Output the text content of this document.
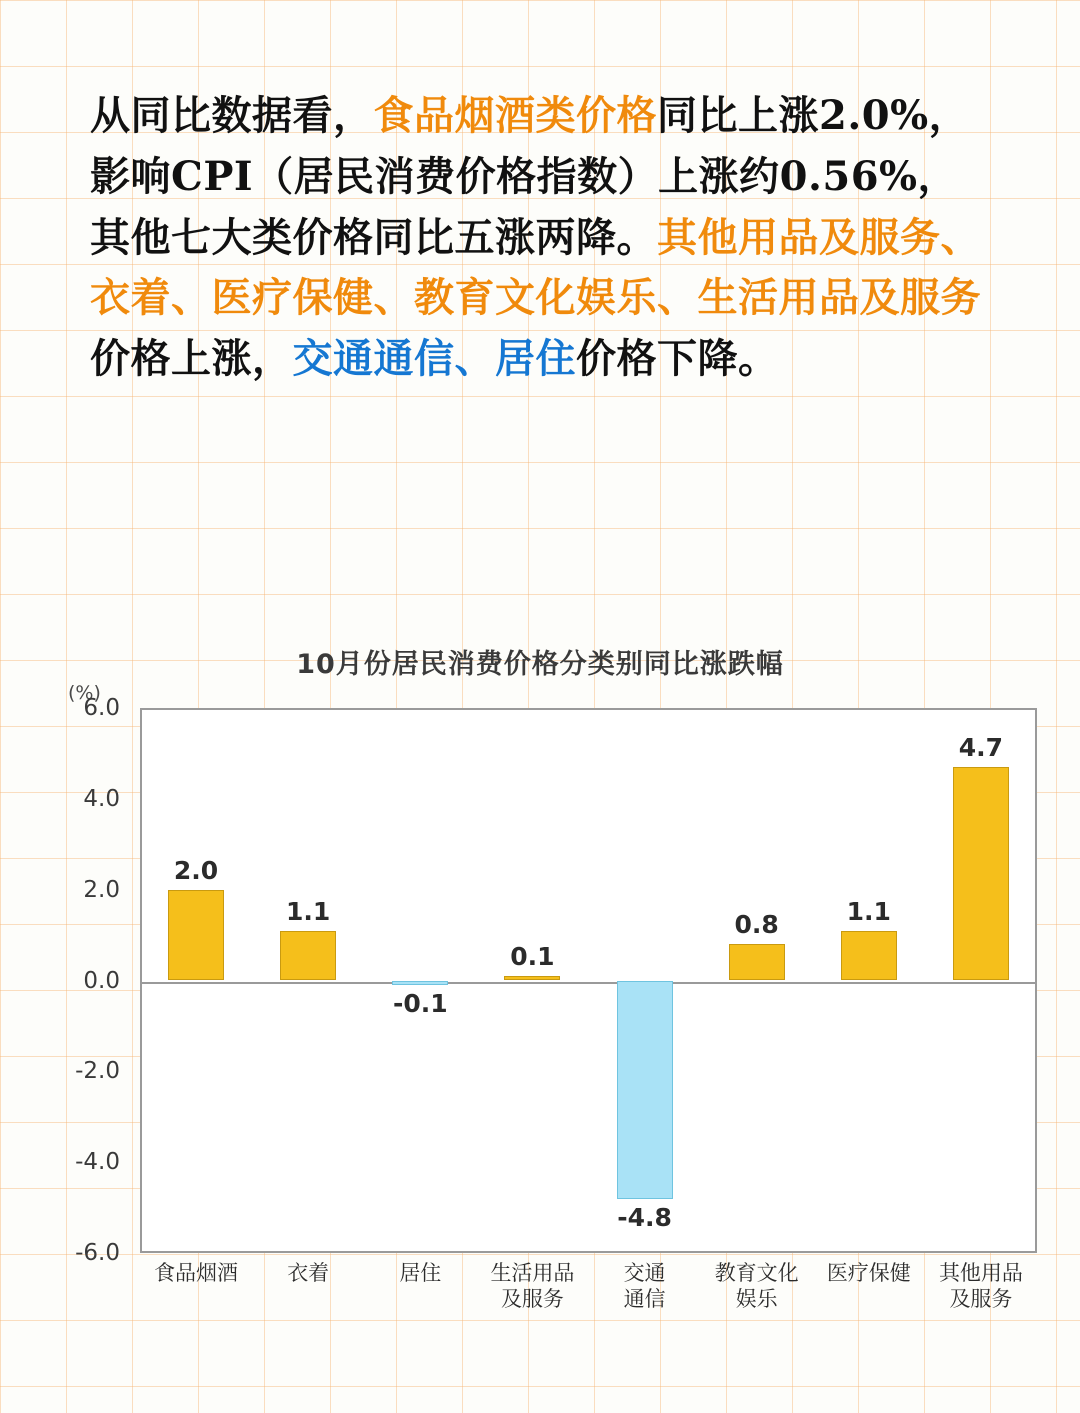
从同比数据看，食品烟酒类价格同比上涨2.0%，影响CPI（居民消费价格指数）上涨约0.56%，其他七大类价格同比五涨两降。其他用品及服务、衣着、医疗保健、教育文化娱乐、生活用品及服务价格上涨，交通通信、居住价格下降。
10月份居民消费价格分类别同比涨跌幅
(%)
6.0
4.0
2.0
0.0
-2.0
-4.0
-6.0
2.0
1.1
-0.1
0.1
-4.8
0.8	1.1
4.7
食品烟酒	衣着	居住	生活用品
及服务
交通
通信
教育文化
娱乐
医疗保健	其他用品
及服务
